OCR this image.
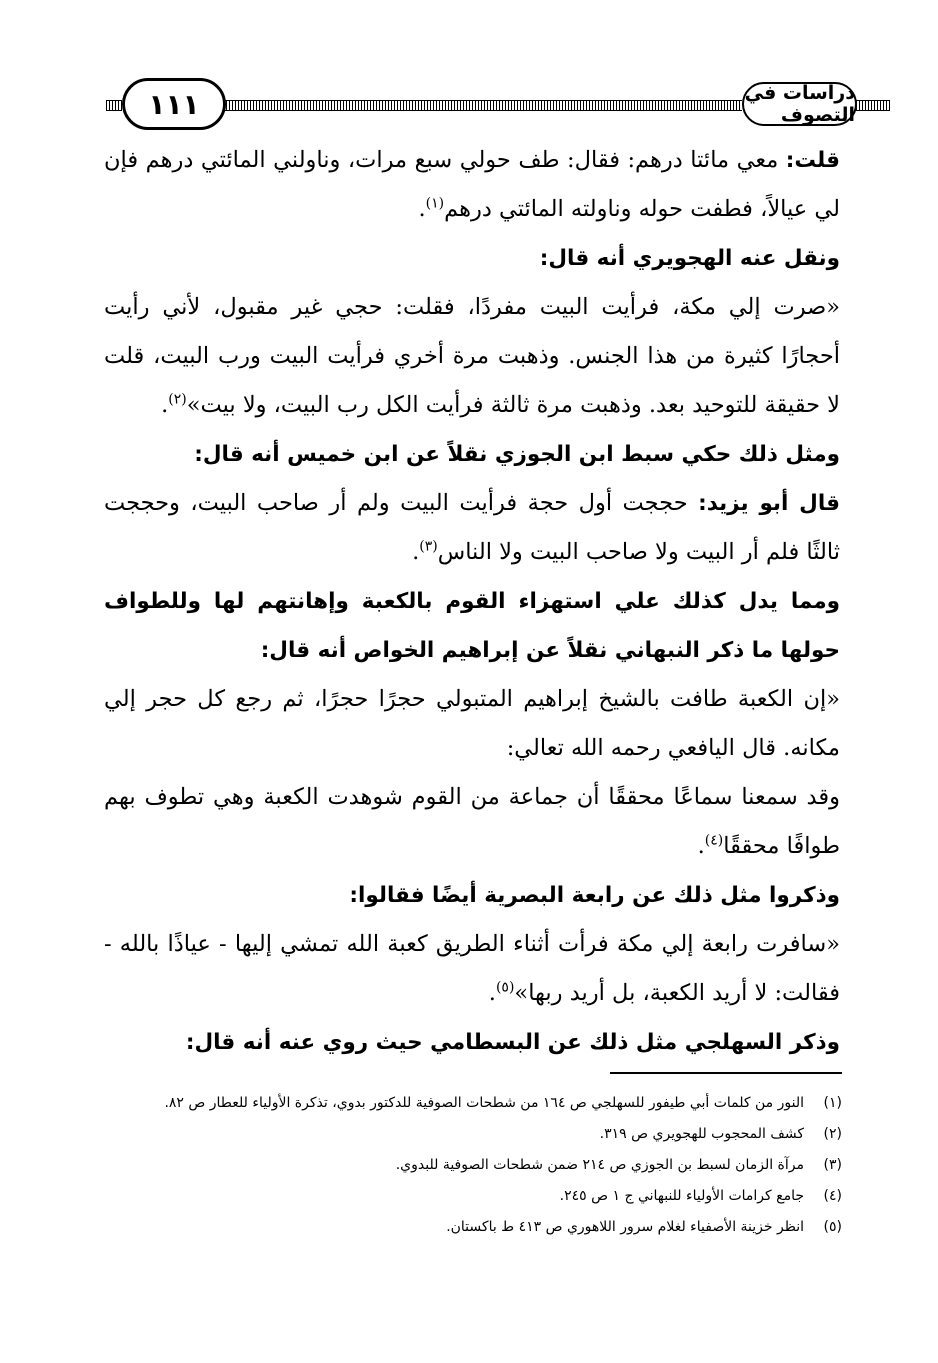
دراسات في التصوف
١١١

قلت: معي مائتا درهم: فقال: طف حولي سبع مرات، وناولني المائتي درهم فإن لي عيالاً، فطفت حوله وناولته المائتي درهم$^{(١)}$.

ونقل عنه الهجويري أنه قال:

«صرت إلي مكة، فرأيت البيت مفردًا، فقلت: حجي غير مقبول، لأني رأيت أحجارًا كثيرة من هذا الجنس. وذهبت مرة أخري فرأيت البيت ورب البيت، قلت لا حقيقة للتوحيد بعد. وذهبت مرة ثالثة فرأيت الكل رب البيت، ولا بيت»$^{(٢)}$.

ومثل ذلك حكي سبط ابن الجوزي نقلاً عن ابن خميس أنه قال:

قال أبو يزيد: حججت أول حجة فرأيت البيت ولم أر صاحب البيت، وحججت ثالثًا فلم أر البيت ولا صاحب البيت ولا الناس$^{(٣)}$.

ومما يدل كذلك علي استهزاء القوم بالكعبة وإهانتهم لها وللطواف حولها ما ذكر النبهاني نقلاً عن إبراهيم الخواص أنه قال:

«إن الكعبة طافت بالشيخ إبراهيم المتبولي حجرًا حجرًا، ثم رجع كل حجر إلي مكانه. قال اليافعي رحمه الله تعالي:

وقد سمعنا سماعًا محققًا أن جماعة من القوم شوهدت الكعبة وهي تطوف بهم طوافًا محققًا$^{(٤)}$.

وذكروا مثل ذلك عن رابعة البصرية أيضًا فقالوا:

«سافرت رابعة إلي مكة فرأت أثناء الطريق كعبة الله تمشي إليها - عياذًا بالله - فقالت: لا أريد الكعبة، بل أريد ربها»$^{(٥)}$.

وذكر السهلجي مثل ذلك عن البسطامي حيث روي عنه أنه قال:

(١)النور من كلمات أبي طيفور للسهلجي ص ١٦٤ من شطحات الصوفية للدكتور بدوي، تذكرة الأولياء للعطار ص ٨٢.

(٢)كشف المحجوب للهجويري ص ٣١٩.

(٣)مرآة الزمان لسبط بن الجوزي ص ٢١٤ ضمن شطحات الصوفية للبدوي.

(٤)جامع كرامات الأولياء للنبهاني ج ١ ص ٢٤٥.

(٥)انظر خزينة الأصفياء لغلام سرور اللاهوري ص ٤١٣ ط باكستان.
